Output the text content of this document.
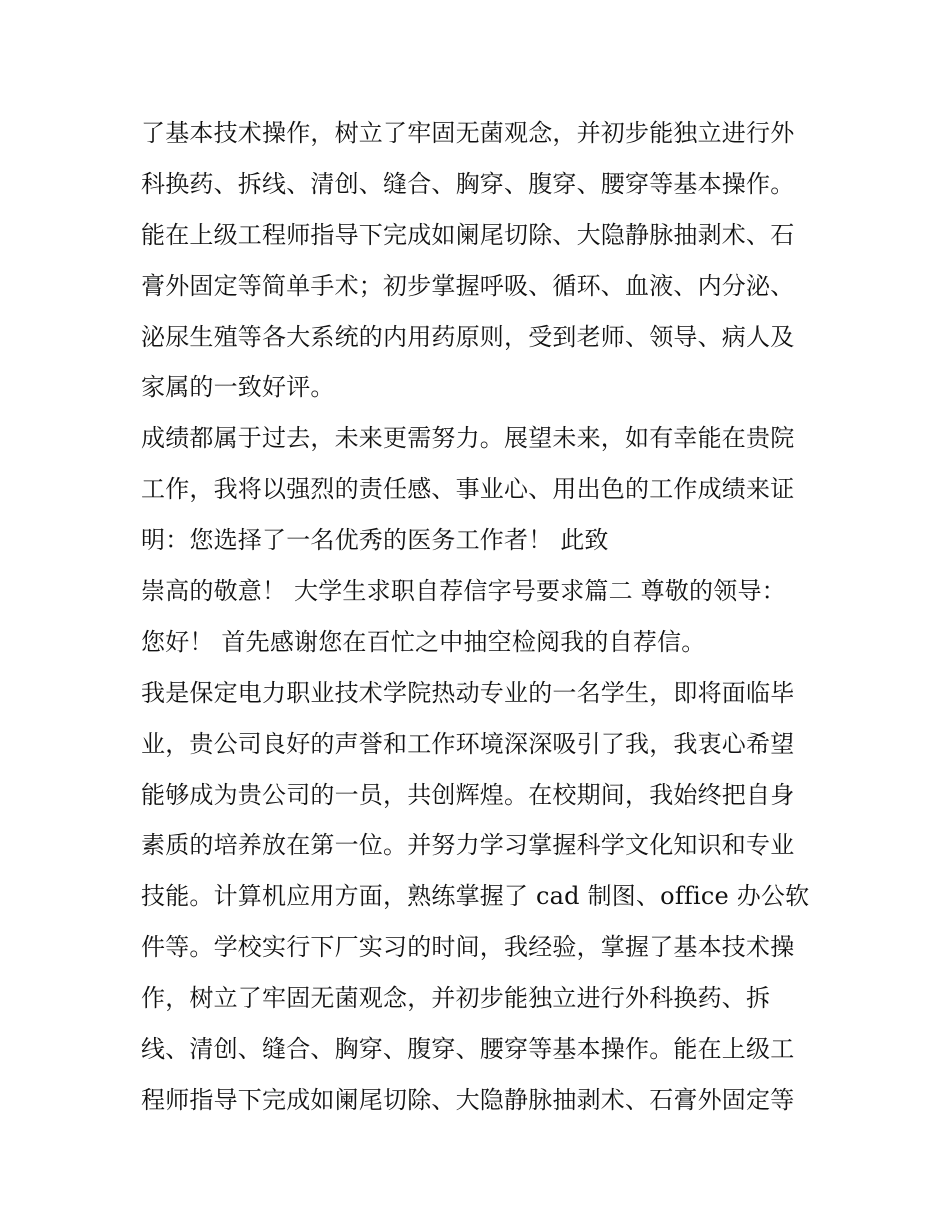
了基本技术操作，树立了牢固无菌观念，并初步能独立进行外
科换药、拆线、清创、缝合、胸穿、腹穿、腰穿等基本操作。
能在上级工程师指导下完成如阑尾切除、大隐静脉抽剥术、石
膏外固定等简单手术；初步掌握呼吸、循环、血液、内分泌、
泌尿生殖等各大系统的内用药原则，受到老师、领导、病人及
家属的一致好评。
成绩都属于过去，未来更需努力。展望未来，如有幸能在贵院
工作，我将以强烈的责任感、事业心、用出色的工作成绩来证
明：您选择了一名优秀的医务工作者！ 此致
崇高的敬意！ 大学生求职自荐信字号要求篇二 尊敬的领导：
您好！ 首先感谢您在百忙之中抽空检阅我的自荐信。
我是保定电力职业技术学院热动专业的一名学生，即将面临毕
业，贵公司良好的声誉和工作环境深深吸引了我，我衷心希望
能够成为贵公司的一员，共创辉煌。在校期间，我始终把自身
素质的培养放在第一位。并努力学习掌握科学文化知识和专业
技能。计算机应用方面，熟练掌握了 cad 制图、office 办公软
件等。学校实行下厂实习的时间，我经验，掌握了基本技术操
作，树立了牢固无菌观念，并初步能独立进行外科换药、拆
线、清创、缝合、胸穿、腹穿、腰穿等基本操作。能在上级工
程师指导下完成如阑尾切除、大隐静脉抽剥术、石膏外固定等
